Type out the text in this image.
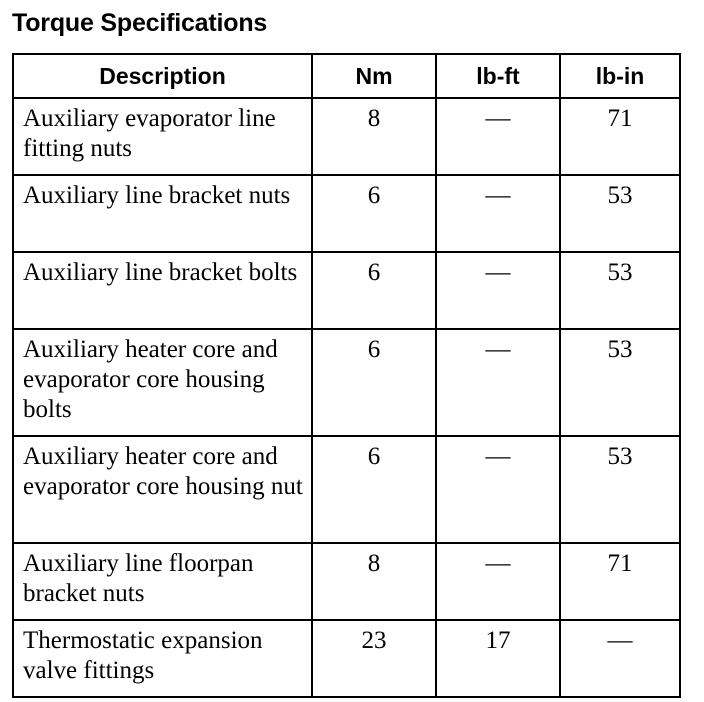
Torque Specifications
Description	Nm	lb-ft	lb-in
Auxiliary evaporator line fitting nuts	8	—	71
Auxiliary line bracket nuts	6	—	53
Auxiliary line bracket bolts	6	—	53
Auxiliary heater core and evaporator core housing bolts	6	—	53
Auxiliary heater core and evaporator core housing nut	6	—	53
Auxiliary line floorpan bracket nuts	8	—	71
Thermostatic expansion valve fittings	23	17	—
